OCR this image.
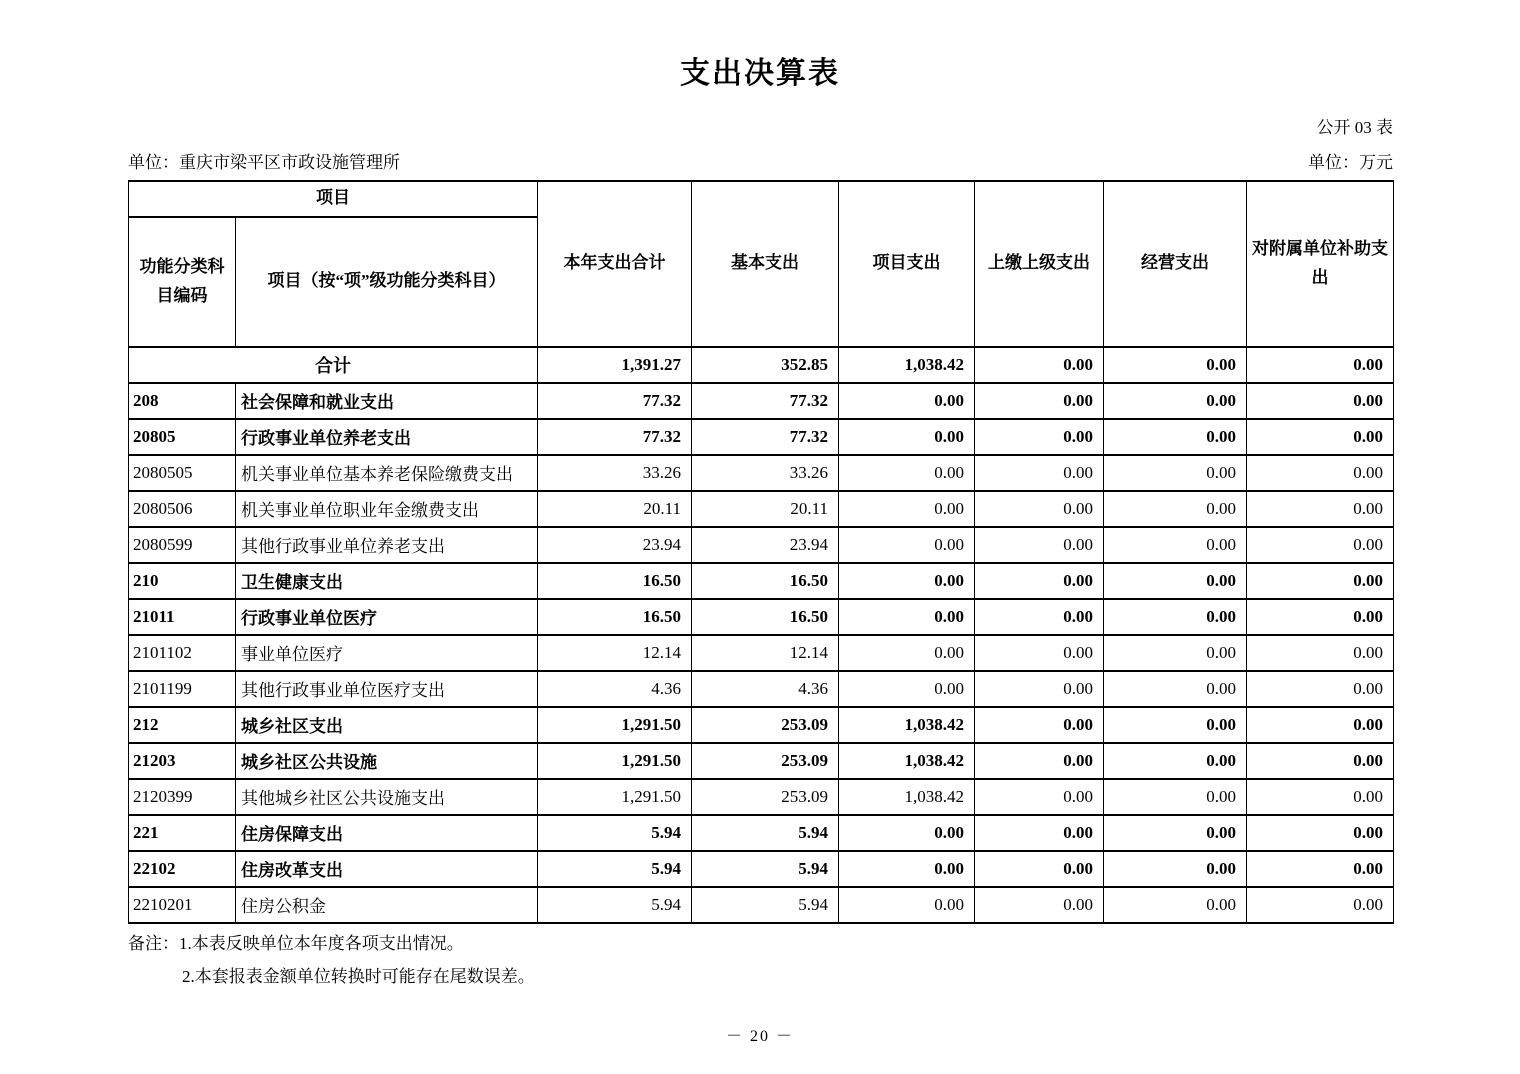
支出决算表
公开 03 表
单位：重庆市梁平区市政设施管理所	单位：万元
项目		本年支出合计	基本支出	项目支出	上缴上级支出	经营支出	对附属单位补助支出
功能分类科目编码	项目（按“项”级功能分类科目）						
合计		1,391.27	352.85	1,038.42	0.00	0.00	0.00
208	社会保障和就业支出	77.32	77.32	0.00	0.00	0.00	0.00
20805	行政事业单位养老支出	77.32	77.32	0.00	0.00	0.00	0.00
2080505	机关事业单位基本养老保险缴费支出	33.26	33.26	0.00	0.00	0.00	0.00
2080506	机关事业单位职业年金缴费支出	20.11	20.11	0.00	0.00	0.00	0.00
2080599	其他行政事业单位养老支出	23.94	23.94	0.00	0.00	0.00	0.00
210	卫生健康支出	16.50	16.50	0.00	0.00	0.00	0.00
21011	行政事业单位医疗	16.50	16.50	0.00	0.00	0.00	0.00
2101102	事业单位医疗	12.14	12.14	0.00	0.00	0.00	0.00
2101199	其他行政事业单位医疗支出	4.36	4.36	0.00	0.00	0.00	0.00
212	城乡社区支出	1,291.50	253.09	1,038.42	0.00	0.00	0.00
21203	城乡社区公共设施	1,291.50	253.09	1,038.42	0.00	0.00	0.00
2120399	其他城乡社区公共设施支出	1,291.50	253.09	1,038.42	0.00	0.00	0.00
221	住房保障支出	5.94	5.94	0.00	0.00	0.00	0.00
22102	住房改革支出	5.94	5.94	0.00	0.00	0.00	0.00
2210201	住房公积金	5.94	5.94	0.00	0.00	0.00	0.00
备注：1.本表反映单位本年度各项支出情况。
2.本套报表金额单位转换时可能存在尾数误差。
－ 20 －
